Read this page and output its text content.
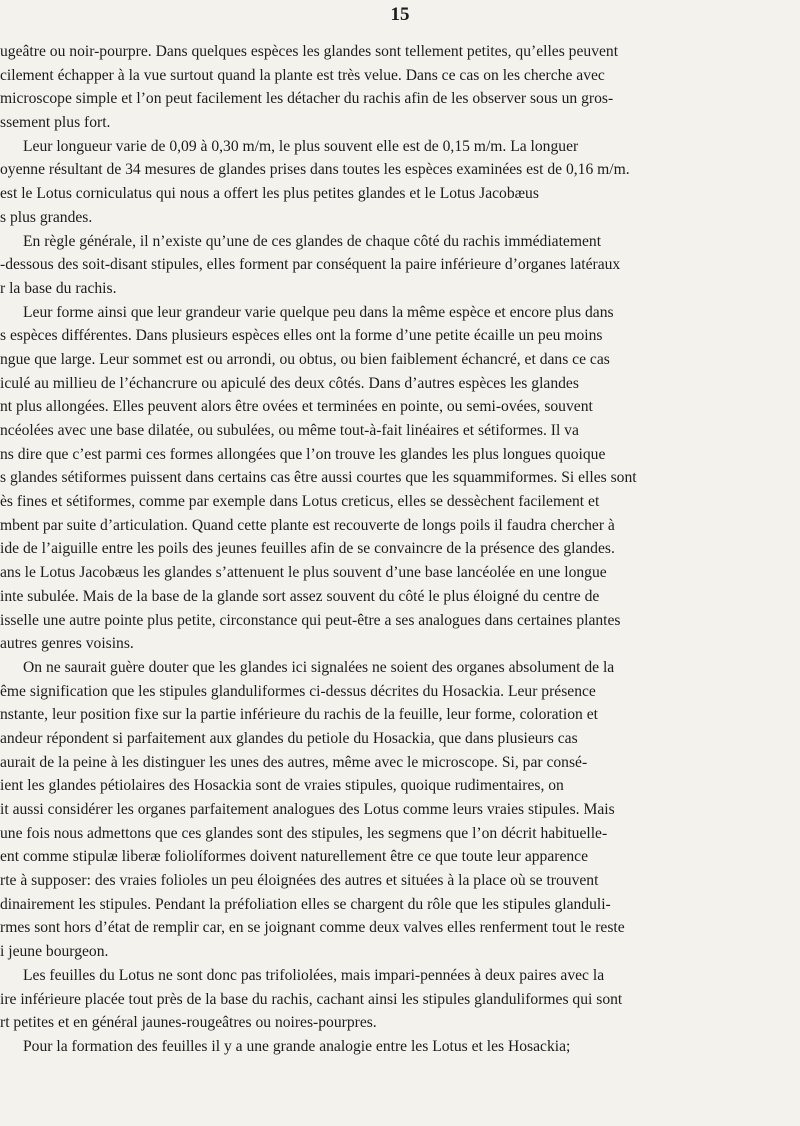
15
ugeâtre ou noir-pourpre. Dans quelques espèces les glandes sont tellement petites, qu’elles peuvent
cilement échapper à la vue surtout quand la plante est très velue. Dans ce cas on les cherche avec
microscope simple et l’on peut facilement les détacher du rachis afin de les observer sous un gros-
ssement plus fort.
Leur longueur varie de 0,09 à 0,30 m/m, le plus souvent elle est de 0,15 m/m. La longuer
oyenne résultant de 34 mesures de glandes prises dans toutes les espèces examinées est de 0,16 m/m.
est le Lotus corniculatus qui nous a offert les plus petites glandes et le Lotus Jacobæus
s plus grandes.
En règle générale, il n’existe qu’une de ces glandes de chaque côté du rachis immédiatement
-dessous des soit-disant stipules, elles forment par conséquent la paire inférieure d’organes latéraux
r la base du rachis.
Leur forme ainsi que leur grandeur varie quelque peu dans la même espèce et encore plus dans
s espèces différentes. Dans plusieurs espèces elles ont la forme d’une petite écaille un peu moins
ngue que large. Leur sommet est ou arrondi, ou obtus, ou bien faiblement échancré, et dans ce cas
iculé au millieu de l’échancrure ou apiculé des deux côtés. Dans d’autres espèces les glandes
nt plus allongées. Elles peuvent alors être ovées et terminées en pointe, ou semi-ovées, souvent
ncéolées avec une base dilatée, ou subulées, ou même tout-à-fait linéaires et sétiformes. Il va
ns dire que c’est parmi ces formes allongées que l’on trouve les glandes les plus longues quoique
s glandes sétiformes puissent dans certains cas être aussi courtes que les squammiformes. Si elles sont
ès fines et sétiformes, comme par exemple dans Lotus creticus, elles se dessèchent facilement et
mbent par suite d’articulation. Quand cette plante est recouverte de longs poils il faudra chercher à
ide de l’aiguille entre les poils des jeunes feuilles afin de se convaincre de la présence des glandes.
ans le Lotus Jacobæus les glandes s’attenuent le plus souvent d’une base lancéolée en une longue
inte subulée. Mais de la base de la glande sort assez souvent du côté le plus éloigné du centre de
isselle une autre pointe plus petite, circonstance qui peut-être a ses analogues dans certaines plantes
autres genres voisins.
On ne saurait guère douter que les glandes ici signalées ne soient des organes absolument de la
ême signification que les stipules glanduliformes ci-dessus décrites du Hosackia. Leur présence
nstante, leur position fixe sur la partie inférieure du rachis de la feuille, leur forme, coloration et
andeur répondent si parfaitement aux glandes du petiole du Hosackia, que dans plusieurs cas
aurait de la peine à les distinguer les unes des autres, même avec le microscope. Si, par consé-
ient les glandes pétiolaires des Hosackia sont de vraies stipules, quoique rudimentaires, on
it aussi considérer les organes parfaitement analogues des Lotus comme leurs vraies stipules. Mais
une fois nous admettons que ces glandes sont des stipules, les segmens que l’on décrit habituelle-
ent comme stipulæ liberæ foliolíformes doivent naturellement être ce que toute leur apparence
rte à supposer: des vraies folioles un peu éloignées des autres et situées à la place où se trouvent
dinairement les stipules. Pendant la préfoliation elles se chargent du rôle que les stipules glanduli-
rmes sont hors d’état de remplir car, en se joignant comme deux valves elles renferment tout le reste
i jeune bourgeon.
Les feuilles du Lotus ne sont donc pas trifoliolées, mais impari-pennées à deux paires avec la
ire inférieure placée tout près de la base du rachis, cachant ainsi les stipules glanduliformes qui sont
rt petites et en général jaunes-rougeâtres ou noires-pourpres.
Pour la formation des feuilles il y a une grande analogie entre les Lotus et les Hosackia;
